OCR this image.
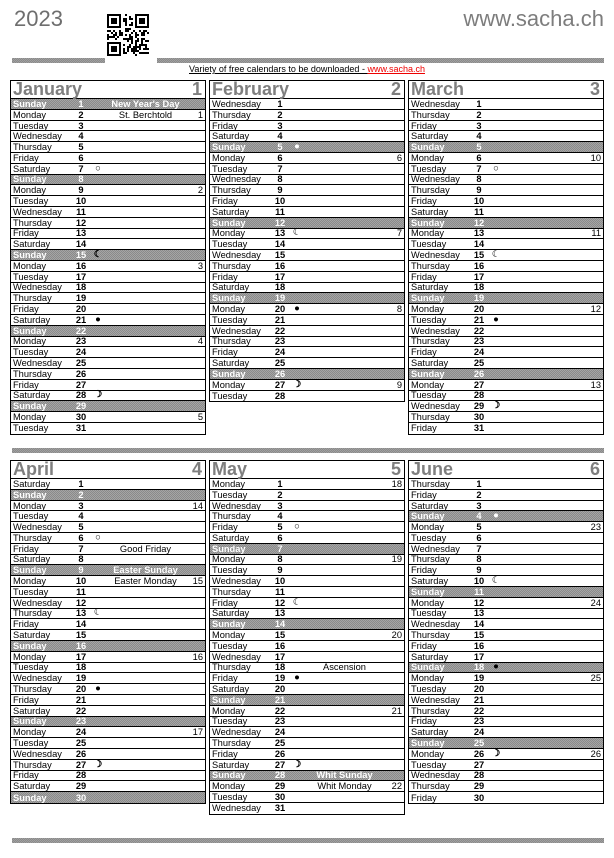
2023	www.sacha.ch
Variety of free calendars to be downloaded - www.sacha.ch
January	1
Sunday	1	New Year's Day
Monday	2	St. Berchtold	1
Tuesday	3
Wednesday	4
Thursday	5
Friday	6
Saturday	7	○
Sunday	8
Monday	9	2
Tuesday	10
Wednesday	11
Thursday	12
Friday	13
Saturday	14
Sunday	15 ☾
Monday	16	3
Tuesday	17
Wednesday	18
Thursday	19
Friday	20
Saturday	21 ●
Sunday	22
Monday	23	4
Tuesday	24
Wednesday	25
Thursday	26
Friday	27
Saturday	28 ☽
Sunday	29
Monday	30	5
Tuesday	31
February	2
Wednesday	1
Thursday	2
Friday	3
Saturday	4
Sunday	5	●
Monday	6	6
Tuesday	7
Wednesday	8
Thursday	9
Friday	10
Saturday	11
Sunday	12
Monday	13 ☾	7
Tuesday	14
Wednesday	15
Thursday	16
Friday	17
Saturday	18
Sunday	19
Monday	20 ●	8
Tuesday	21
Wednesday	22
Thursday	23
Friday	24
Saturday	25
Sunday	26
Monday	27 ☽	9
Tuesday	28
March	3
Wednesday	1
Thursday	2
Friday	3
Saturday	4
Sunday	5
Monday	6	10
Tuesday	7	○
Wednesday	8
Thursday	9
Friday	10
Saturday	11
Sunday	12
Monday	13	11
Tuesday	14
Wednesday	15 ☾
Thursday	16
Friday	17
Saturday	18
Sunday	19
Monday	20	12
Tuesday	21 ●
Wednesday	22
Thursday	23
Friday	24
Saturday	25
Sunday	26
Monday	27	13
Tuesday	28
Wednesday	29 ☽
Thursday	30
Friday	31
April	4
Saturday	1
Sunday	2
Monday	3	14
Tuesday	4
Wednesday	5
Thursday	6	○
Friday	7	Good Friday
Saturday	8
Sunday	9	Easter Sunday
Monday	10	Easter Monday	15
Tuesday	11
Wednesday	12
Thursday	13 ☾
Friday	14
Saturday	15
Sunday	16
Monday	17	16
Tuesday	18
Wednesday	19
Thursday	20 ●
Friday	21
Saturday	22
Sunday	23
Monday	24	17
Tuesday	25
Wednesday	26
Thursday	27 ☽
Friday	28
Saturday	29
Sunday	30
May	5
Monday	1	18
Tuesday	2
Wednesday	3
Thursday	4
Friday	5	○
Saturday	6
Sunday	7
Monday	8	19
Tuesday	9
Wednesday	10
Thursday	11
Friday	12 ☾
Saturday	13
Sunday	14
Monday	15	20
Tuesday	16
Wednesday	17
Thursday	18	Ascension
Friday	19 ●
Saturday	20
Sunday	21
Monday	22	21
Tuesday	23
Wednesday	24
Thursday	25
Friday	26
Saturday	27 ☽
Sunday	28	Whit Sunday
Monday	29	Whit Monday	22
Tuesday	30
Wednesday	31
June	6
Thursday	1
Friday	2
Saturday	3
Sunday	4	●
Monday	5	23
Tuesday	6
Wednesday	7
Thursday	8
Friday	9
Saturday	10 ☾
Sunday	11
Monday	12	24
Tuesday	13
Wednesday	14
Thursday	15
Friday	16
Saturday	17
Sunday	18 ●
Monday	19	25
Tuesday	20
Wednesday	21
Thursday	22
Friday	23
Saturday	24
Sunday	25
Monday	26 ☽	26
Tuesday	27
Wednesday	28
Thursday	29
Friday	30
